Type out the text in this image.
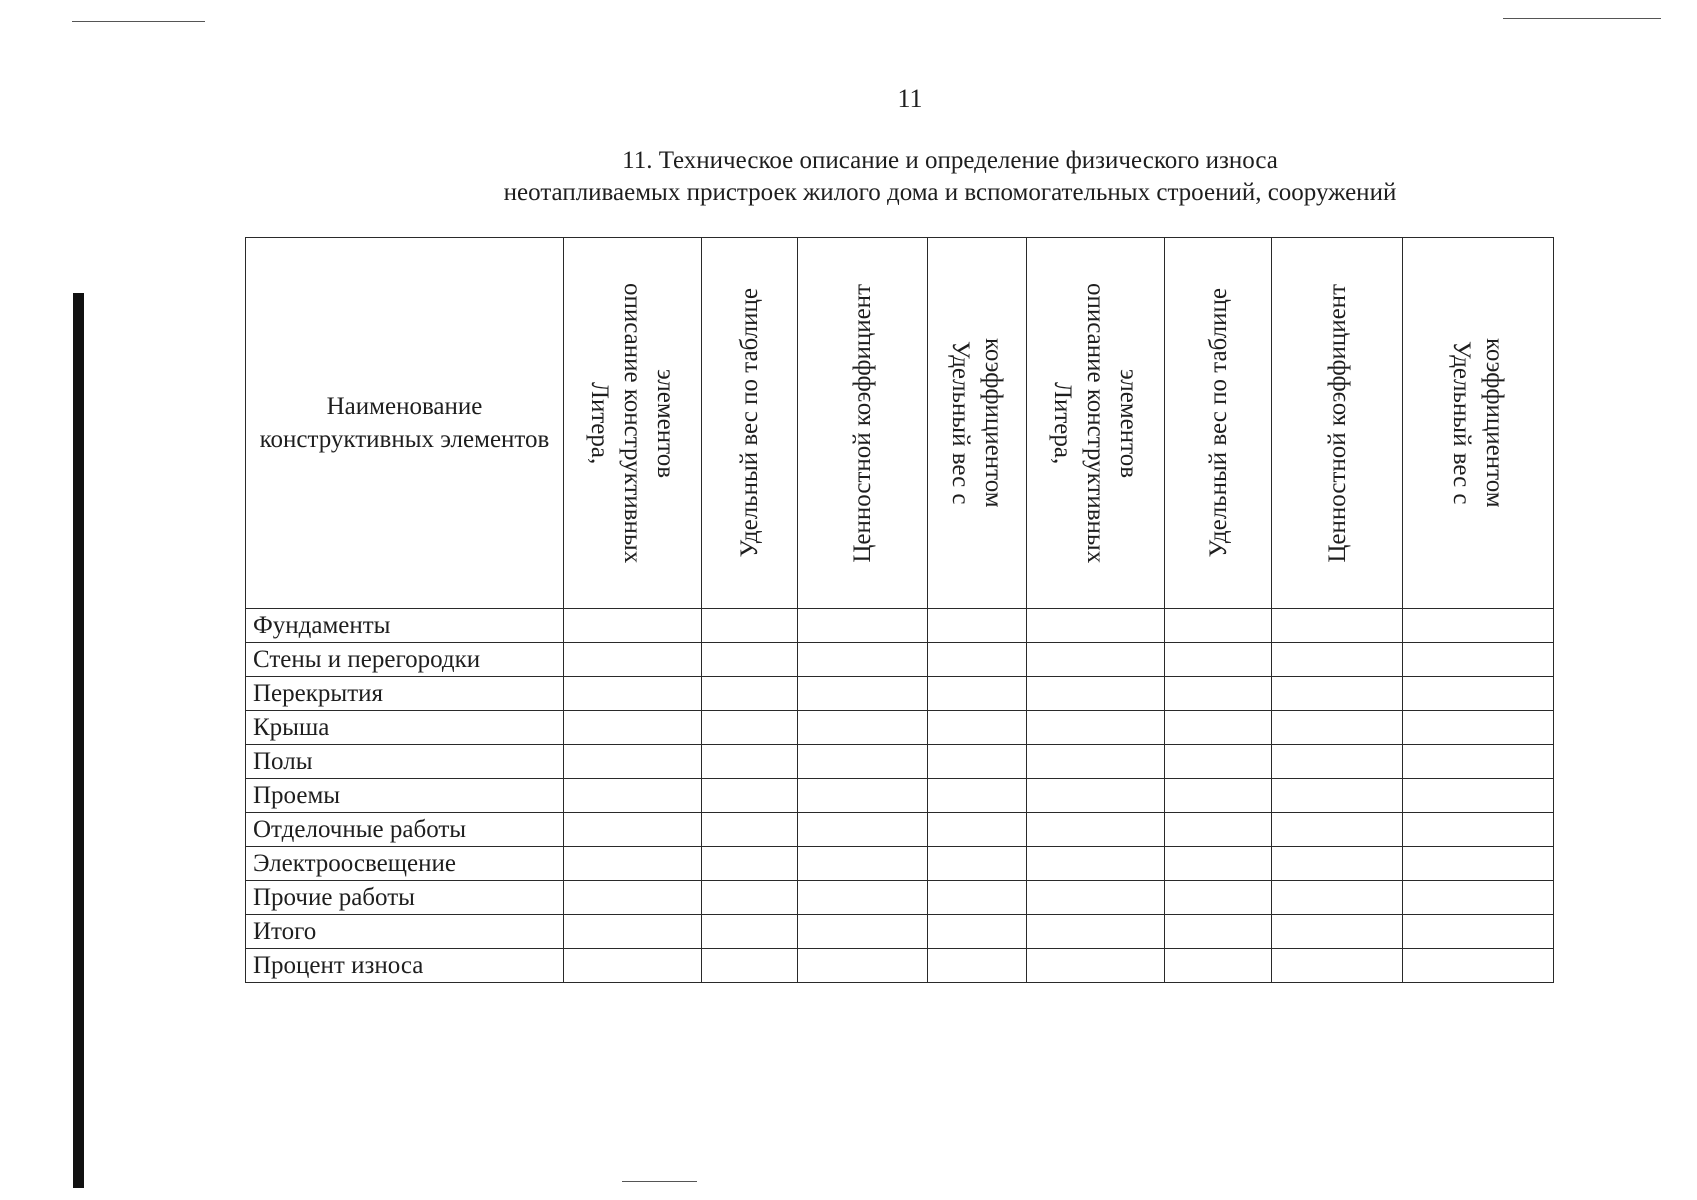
11
11. Техническое описание и определение физического износа
неотапливаемых пристроек жилого дома и вспомогательных строений, сооружений
Наименование конструктивных элементов	Литера, описание конструктивных элементов	Удельный вес по таблице	Ценностной коэффициент	Удельный вес с коэффициентом	Литера, описание конструктивных элементов	Удельный вес по таблице	Ценностной коэффициент	Удельный вес с коэффициентом

Фундаменты								
Стены и перегородки								
Перекрытия								
Крыша								
Полы								
Проемы								
Отделочные работы								
Электроосвещение								
Прочие работы								
Итого								
Процент износа								
